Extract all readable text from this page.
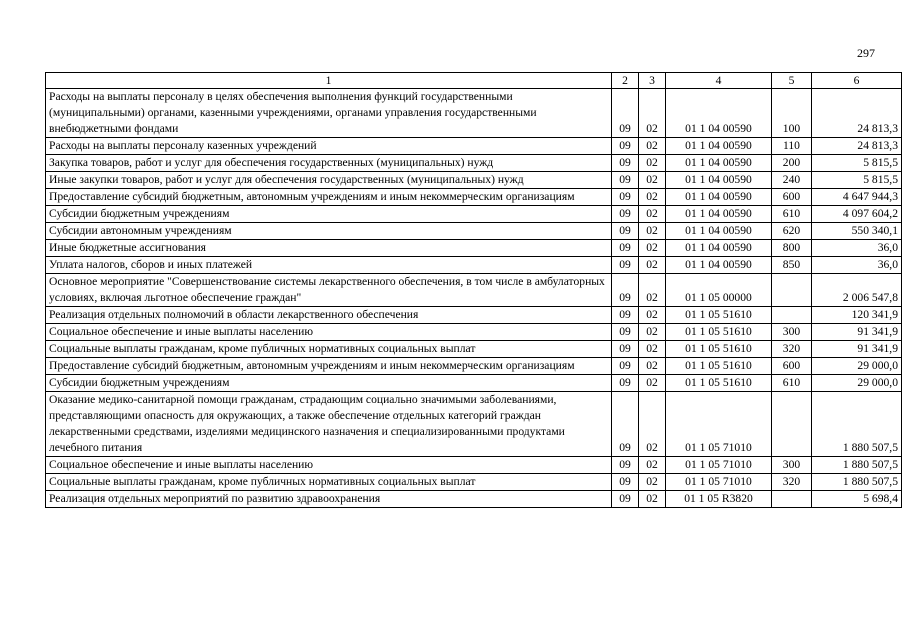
297
1	2	3	4	5	6
Расходы на выплаты персоналу в целях обеспечения выполнения функций государственными (муниципальными) органами, казенными учреждениями, органами управления государственными внебюджетными фондами	09	02	01 1 04 00590	100	24 813,3
Расходы на выплаты персоналу казенных учреждений	09	02	01 1 04 00590	110	24 813,3
Закупка товаров, работ и услуг для обеспечения государственных (муниципальных) нужд	09	02	01 1 04 00590	200	5 815,5
Иные закупки товаров, работ и услуг для обеспечения государственных (муниципальных) нужд	09	02	01 1 04 00590	240	5 815,5
Предоставление субсидий бюджетным, автономным учреждениям и иным некоммерческим организациям	09	02	01 1 04 00590	600	4 647 944,3
Субсидии бюджетным учреждениям	09	02	01 1 04 00590	610	4 097 604,2
Субсидии автономным учреждениям	09	02	01 1 04 00590	620	550 340,1
Иные бюджетные ассигнования	09	02	01 1 04 00590	800	36,0
Уплата налогов, сборов и иных платежей	09	02	01 1 04 00590	850	36,0
Основное мероприятие "Совершенствование системы лекарственного обеспечения, в том числе в амбулаторных условиях, включая льготное обеспечение граждан"	09	02	01 1 05 00000		2 006 547,8
Реализация отдельных полномочий в области лекарственного обеспечения	09	02	01 1 05 51610		120 341,9
Социальное обеспечение и иные выплаты населению	09	02	01 1 05 51610	300	91 341,9
Социальные выплаты гражданам, кроме публичных нормативных социальных выплат	09	02	01 1 05 51610	320	91 341,9
Предоставление субсидий бюджетным, автономным учреждениям и иным некоммерческим организациям	09	02	01 1 05 51610	600	29 000,0
Субсидии бюджетным учреждениям	09	02	01 1 05 51610	610	29 000,0
Оказание медико-санитарной помощи гражданам, страдающим социально значимыми заболеваниями, представляющими опасность для окружающих, а также обеспечение отдельных категорий граждан лекарственными средствами, изделиями медицинского назначения и специализированными продуктами лечебного питания	09	02	01 1 05 71010		1 880 507,5
Социальное обеспечение и иные выплаты населению	09	02	01 1 05 71010	300	1 880 507,5
Социальные выплаты гражданам, кроме публичных нормативных социальных выплат	09	02	01 1 05 71010	320	1 880 507,5
Реализация отдельных мероприятий по развитию здравоохранения	09	02	01 1 05 R3820		5 698,4
